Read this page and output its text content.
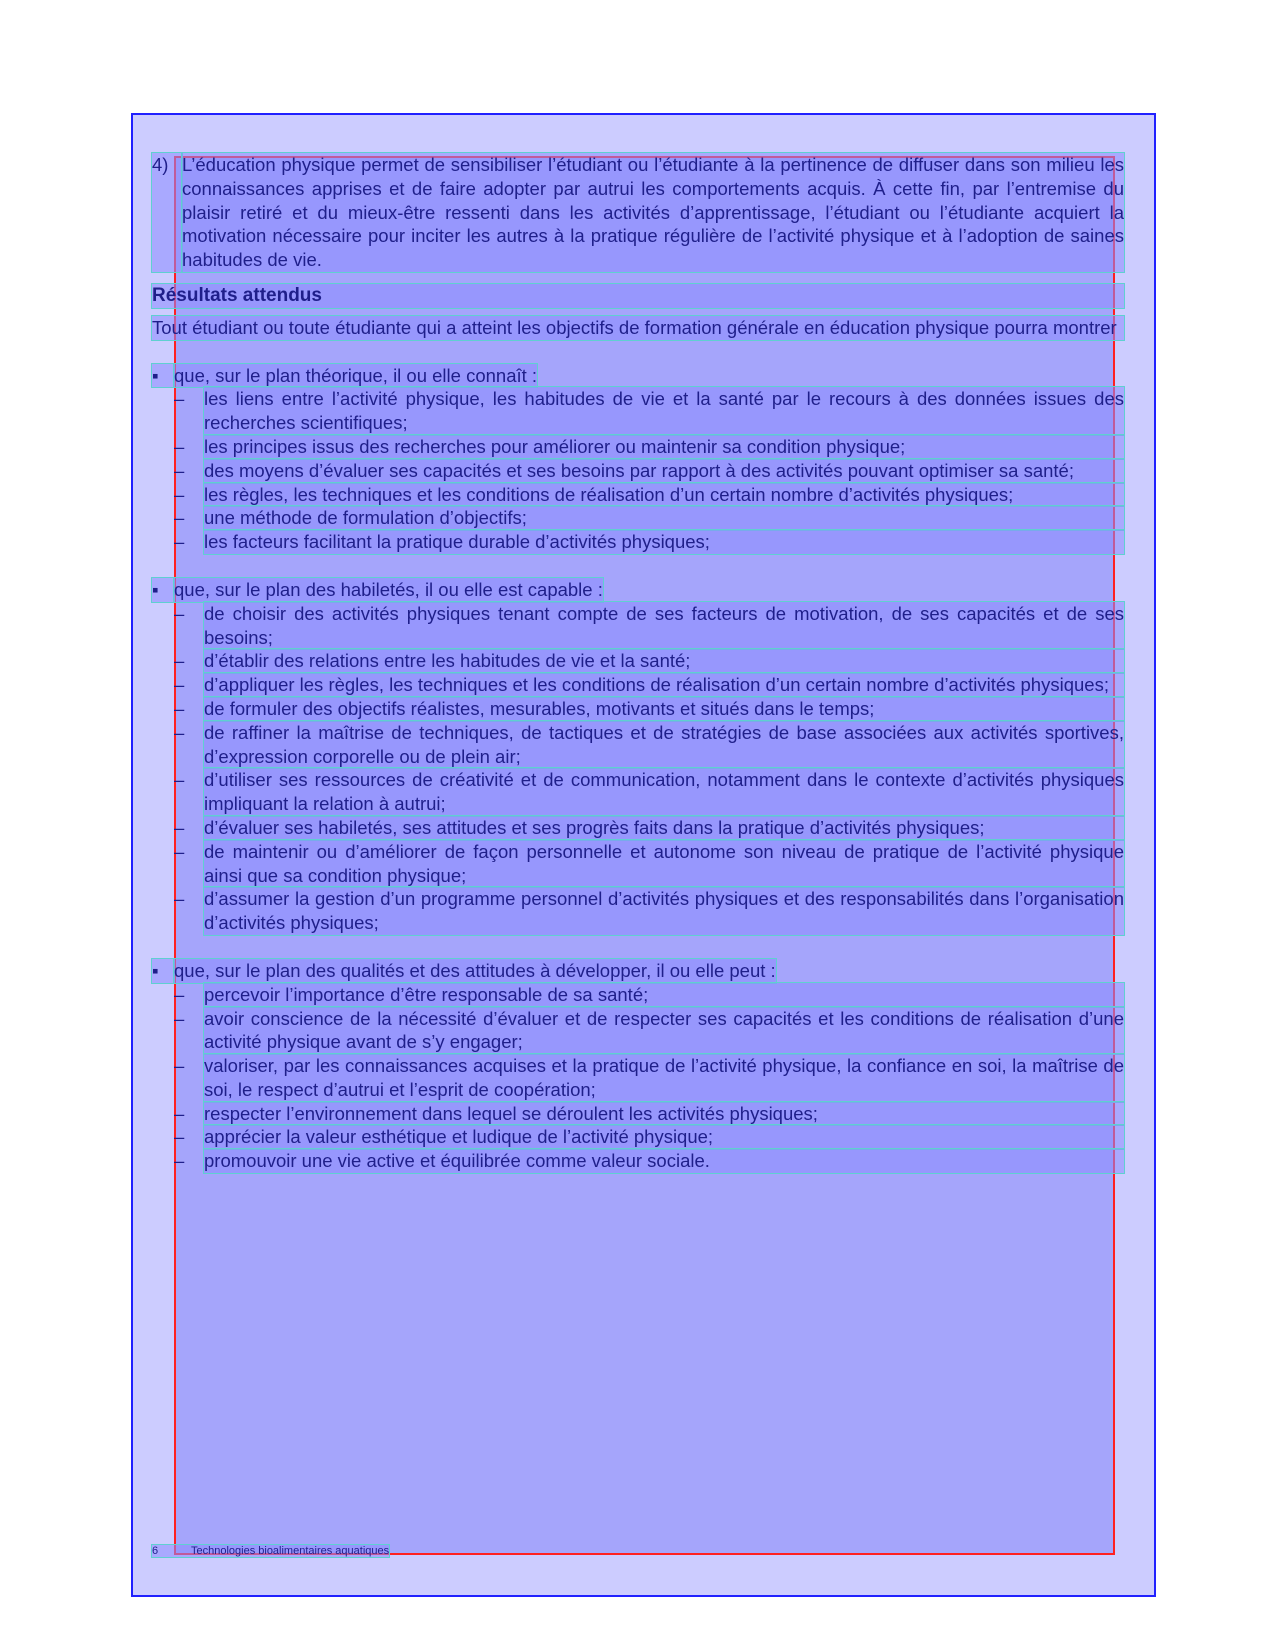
4) L’éducation physique permet de sensibiliser l’étudiant ou l’étudiante à la pertinence de diffuser dans son milieu les connaissances apprises et de faire adopter par autrui les comportements acquis. À cette fin, par l’entremise du plaisir retiré et du mieux-être ressenti dans les activités d’apprentissage, l’étudiant ou l’étudiante acquiert la motivation nécessaire pour inciter les autres à la pratique régulière de l’activité physique et à l’adoption de saines habitudes de vie.
Résultats attendus
Tout étudiant ou toute étudiante qui a atteint les objectifs de formation générale en éducation physique pourra montrer
▪ que, sur le plan théorique, il ou elle connaît :
–	les liens entre l’activité physique, les habitudes de vie et la santé par le recours à des données issues des recherches scientifiques;
–	les principes issus des recherches pour améliorer ou maintenir sa condition physique;
–	des moyens d’évaluer ses capacités et ses besoins par rapport à des activités pouvant optimiser sa santé;
–	les règles, les techniques et les conditions de réalisation d’un certain nombre d’activités physiques;
–	une méthode de formulation d’objectifs;
–	les facteurs facilitant la pratique durable d’activités physiques;
▪ que, sur le plan des habiletés, il ou elle est capable :
–	de choisir des activités physiques tenant compte de ses facteurs de motivation, de ses capacités et de ses besoins;
–	d’établir des relations entre les habitudes de vie et la santé;
–	d’appliquer les règles, les techniques et les conditions de réalisation d’un certain nombre d’activités physiques;
–	de formuler des objectifs réalistes, mesurables, motivants et situés dans le temps;
–	de raffiner la maîtrise de techniques, de tactiques et de stratégies de base associées aux activités sportives, d’expression corporelle ou de plein air;
–	d’utiliser ses ressources de créativité et de communication, notamment dans le contexte d’activités physiques impliquant la relation à autrui;
–	d’évaluer ses habiletés, ses attitudes et ses progrès faits dans la pratique d’activités physiques;
–	de maintenir ou d’améliorer de façon personnelle et autonome son niveau de pratique de l’activité physique ainsi que sa condition physique;
–	d’assumer la gestion d’un programme personnel d’activités physiques et des responsabilités dans l’organisation d’activités physiques;
▪ que, sur le plan des qualités et des attitudes à développer, il ou elle peut :
–	percevoir l’importance d’être responsable de sa santé;
–	avoir conscience de la nécessité d’évaluer et de respecter ses capacités et les conditions de réalisation d’une activité physique avant de s’y engager;
–	valoriser, par les connaissances acquises et la pratique de l’activité physique, la confiance en soi, la maîtrise de soi, le respect d’autrui et l’esprit de coopération;
–	respecter l’environnement dans lequel se déroulent les activités physiques;
–	apprécier la valeur esthétique et ludique de l’activité physique;
–	promouvoir une vie active et équilibrée comme valeur sociale.
6	Technologies bioalimentaires aquatiques
